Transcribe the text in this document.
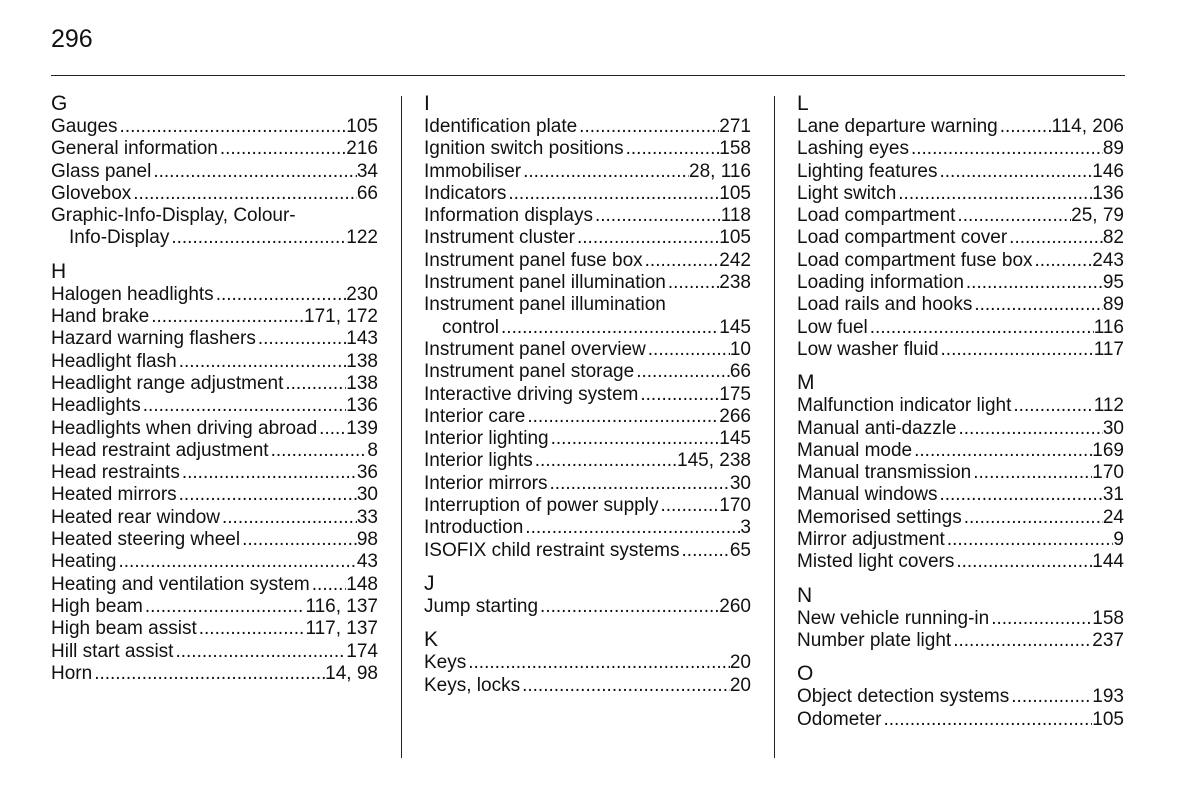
296
G
Gauges .....	105
General information .....	216
Glass panel .....	34
Glovebox .....	66
Graphic-Info-Display, Colour-
Info-Display .....	122
H
Halogen headlights .....	230
Hand brake .....	171, 172
Hazard warning flashers .....	143
Headlight flash .....	138
Headlight range adjustment .....	138
Headlights .....	136
Headlights when driving abroad ..... 139
Head restraint adjustment .....	8
Head restraints .....	36
Heated mirrors .....	30
Heated rear window .....	33
Heated steering wheel .....	98
Heating .....	43
Heating and ventilation system ..... 148
High beam .....	116, 137
High beam assist .....	117, 137
Hill start assist .....	174
Horn .....	14, 98
I
Identification plate .....	271
Ignition switch positions .....	158
Immobiliser .....	28, 116
Indicators .....	105
Information displays .....	118
Instrument cluster .....	105
Instrument panel fuse box .....	242
Instrument panel illumination .....	238
Instrument panel illumination
control .....	145
Instrument panel overview .....	10
Instrument panel storage .....	66
Interactive driving system .....	175
Interior care .....	266
Interior lighting .....	145
Interior lights .....	145, 238
Interior mirrors .....	30
Interruption of power supply .....	170
Introduction .....	3
ISOFIX child restraint systems .....	65
J
Jump starting .....	260
K
Keys .....	20
Keys, locks .....	20
L
Lane departure warning .....	114, 206
Lashing eyes .....	89
Lighting features .....	146
Light switch .....	136
Load compartment .....	25, 79
Load compartment cover .....	82
Load compartment fuse box .....	243
Loading information .....	95
Load rails and hooks .....	89
Low fuel .....	116
Low washer fluid .....	117
M
Malfunction indicator light .....	112
Manual anti-dazzle .....	30
Manual mode .....	169
Manual transmission .....	170
Manual windows .....	31
Memorised settings .....	24
Mirror adjustment .....	9
Misted light covers .....	144
N
New vehicle running-in .....	158
Number plate light .....	237
O
Object detection systems .....	193
Odometer .....	105
